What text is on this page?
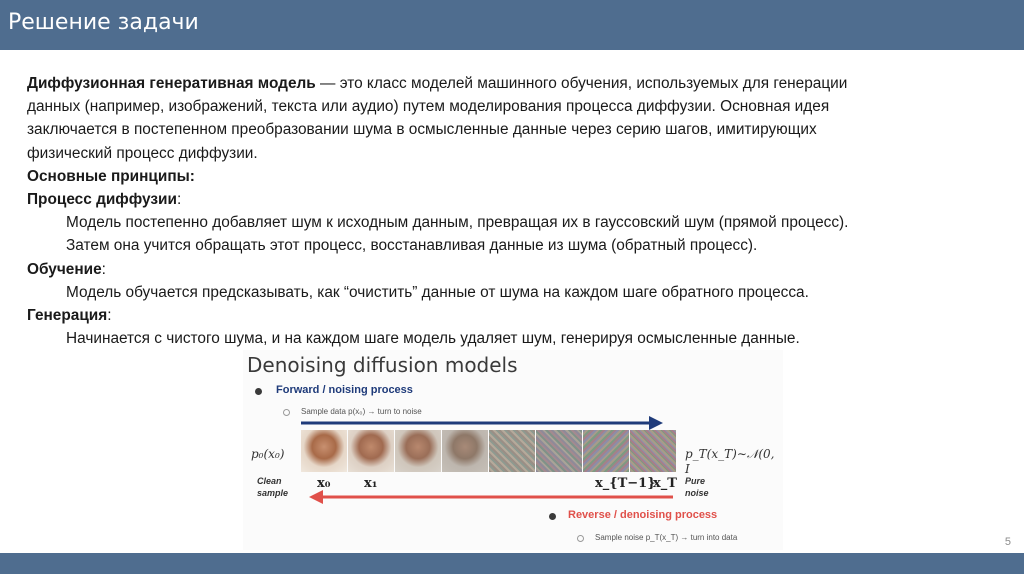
Решение задачи
Диффузионная генеративная модель — это класс моделей машинного обучения, используемых для генерации
данных (например, изображений, текста или аудио) путем моделирования процесса диффузии. Основная идея
заключается в постепенном преобразовании шума в осмысленные данные через серию шагов, имитирующих
физический процесс диффузии.
Основные принципы:
Процесс диффузии:
Модель постепенно добавляет шум к исходным данным, превращая их в гауссовский шум (прямой процесс).
Затем она учится обращать этот процесс, восстанавливая данные из шума (обратный процесс).
Обучение:
Модель обучается предсказывать, как “очистить” данные от шума на каждом шаге обратного процесса.
Генерация:
Начинается с чистого шума, и на каждом шаге модель удаляет шум, генерируя осмысленные данные.
Denoising diffusion models
Forward / noising process
Sample data p(x₀) → turn to noise
p₀(x₀)	p_T(x_T)∼𝒩(0, I
Clean
sample
Pure
noise
x₀	x₁	x_{T−1}
x_T
Reverse / denoising process
Sample noise p_T(x_T) → turn into data	5
